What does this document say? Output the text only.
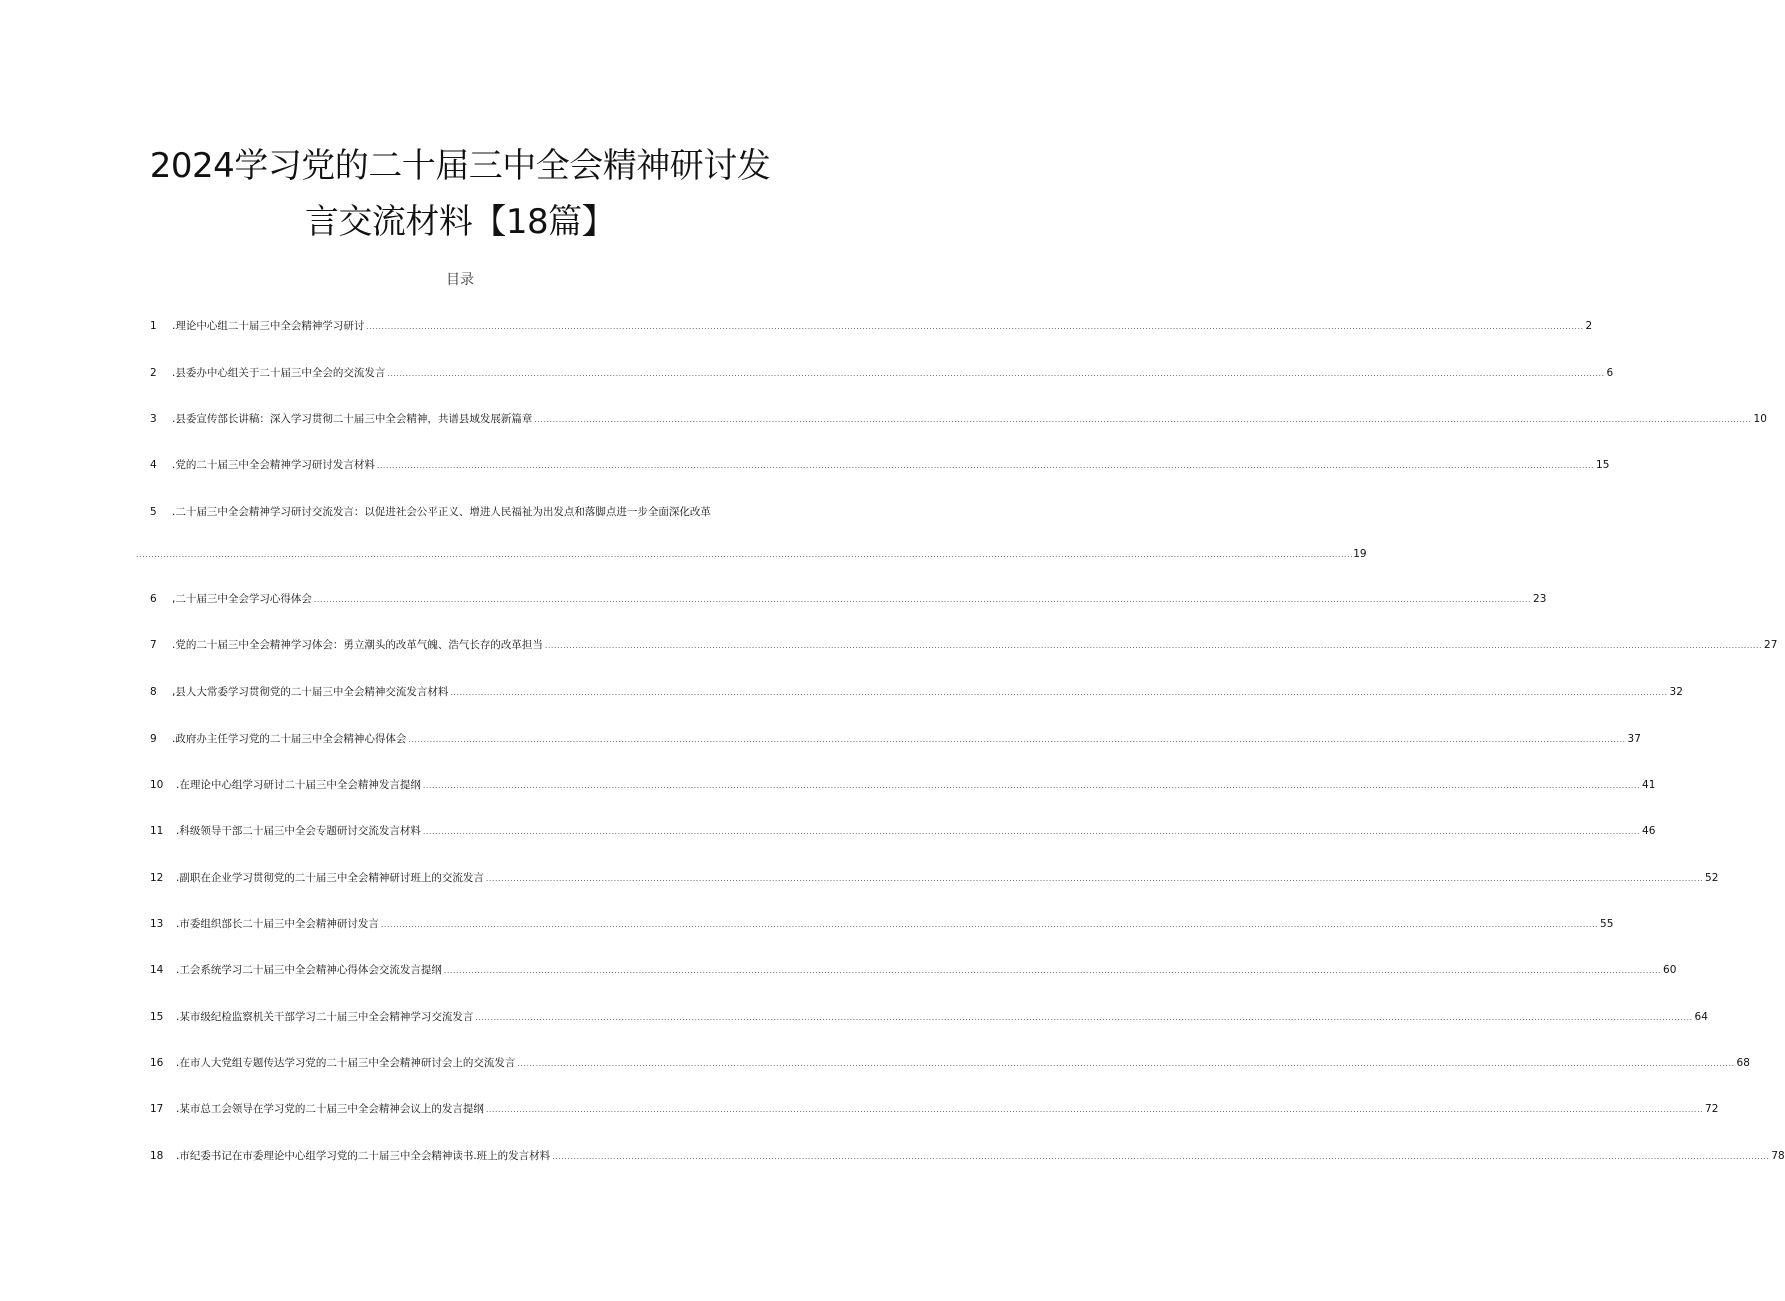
2024学习党的二十届三中全会精神研讨发
言交流材料【18篇】
目录
1	.理论中心组二十届三中全会精神学习研讨 ................................................................................................................................................................................................................................................................................................................................................................................................................ 2
2	.县委办中心组关于二十届三中全会的交流发言 ................................................................................................................................................................................................................................................................................................................................................................................................................ 6
3	.县委宣传部长讲稿：深入学习贯彻二十届三中全会精神，共谱县域发展新篇章 ................................................................................................................................................................................................................................................................................................................................................................................................................ 10
4	.党的二十届三中全会精神学习研讨发言材料 ................................................................................................................................................................................................................................................................................................................................................................................................................ 15
5	.二十届三中全会精神学习研讨交流发言：以促进社会公平正义、增进人民福祉为出发点和落脚点进一步全面深化改革
................................................................................................................................................................................................................................................................................................................................................................................................................ 19
6	,二十届三中全会学习心得体会 ................................................................................................................................................................................................................................................................................................................................................................................................................ 23
7	.党的二十届三中全会精神学习体会：勇立潮头的改革气魄、浩气长存的改革担当 ................................................................................................................................................................................................................................................................................................................................................................................................................ 27
8	,县人大常委学习贯彻党的二十届三中全会精神交流发言材料 ................................................................................................................................................................................................................................................................................................................................................................................................................ 32
9	.政府办主任学习党的二十届三中全会精神心得体会 ................................................................................................................................................................................................................................................................................................................................................................................................................ 37
10	.在理论中心组学习研讨二十届三中全会精神发言提纲 ................................................................................................................................................................................................................................................................................................................................................................................................................ 41
11	.科级领导干部二十届三中全会专题研讨交流发言材料 ................................................................................................................................................................................................................................................................................................................................................................................................................ 46
12	.副职在企业学习贯彻党的二十届三中全会精神研讨班上的交流发言 ................................................................................................................................................................................................................................................................................................................................................................................................................ 52
13	.市委组织部长二十届三中全会精神研讨发言 ................................................................................................................................................................................................................................................................................................................................................................................................................ 55
14	.工会系统学习二十届三中全会精神心得体会交流发言提纲 ................................................................................................................................................................................................................................................................................................................................................................................................................ 60
15	.某市级纪检监察机关干部学习二十届三中全会精神学习交流发言 ................................................................................................................................................................................................................................................................................................................................................................................................................ 64
16	.在市人大党组专题传达学习党的二十届三中全会精神研讨会上的交流发言 ................................................................................................................................................................................................................................................................................................................................................................................................................ 68
17	.某市总工会领导在学习党的二十届三中全会精神会议上的发言提纲 ................................................................................................................................................................................................................................................................................................................................................................................................................ 72
18	.市纪委书记在市委理论中心组学习党的二十届三中全会精神读书.班上的发言材料 ................................................................................................................................................................................................................................................................................................................................................................................................................ 78
